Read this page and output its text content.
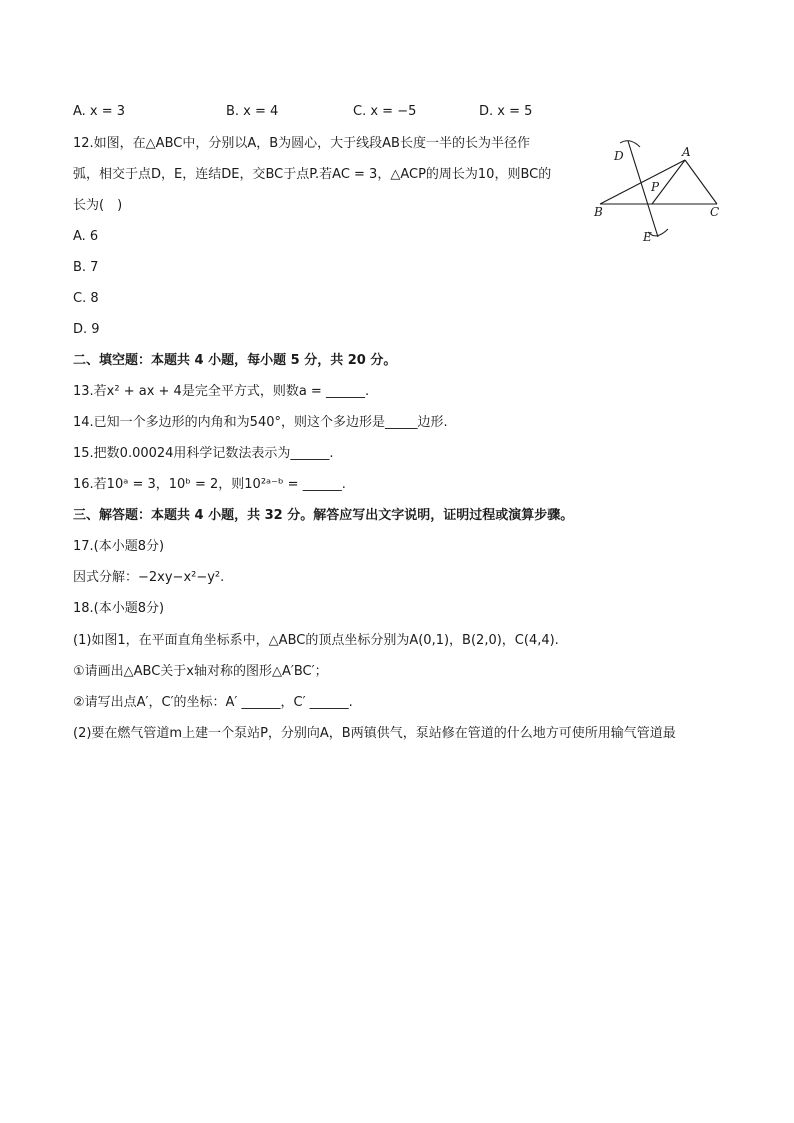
A. x = 3	B. x = 4	C. x = −5	D. x = 5
12.如图，在△ABC中，分别以A，B为圆心，大于线段AB长度一半的长为半径作
弧，相交于点D，E，连结DE，交BC于点P.若AC = 3，△ACP的周长为10，则BC的
长为(　)
A. 6
B. 7
C. 8
D. 9
D	A
P
B	C
E
二、填空题：本题共 4 小题，每小题 5 分，共 20 分。
13.若x² + ax + 4是完全平方式，则数a = ______.
14.已知一个多边形的内角和为540°，则这个多边形是_____边形.
15.把数0.00024用科学记数法表示为______.
16.若10ᵃ = 3，10ᵇ = 2，则10²ᵃ⁻ᵇ = ______.
三、解答题：本题共 4 小题，共 32 分。解答应写出文字说明，证明过程或演算步骤。
17.(本小题8分)
因式分解：−2xy−x²−y².
18.(本小题8分)
(1)如图1，在平面直角坐标系中，△ABC的顶点坐标分别为A(0,1)，B(2,0)，C(4,4).
①请画出△ABC关于x轴对称的图形△A′BC′；
②请写出点A′，C′的坐标：A′ ______，C′ ______.
(2)要在燃气管道m上建一个泵站P，分别向A，B两镇供气，泵站修在管道的什么地方可使所用输气管道最
